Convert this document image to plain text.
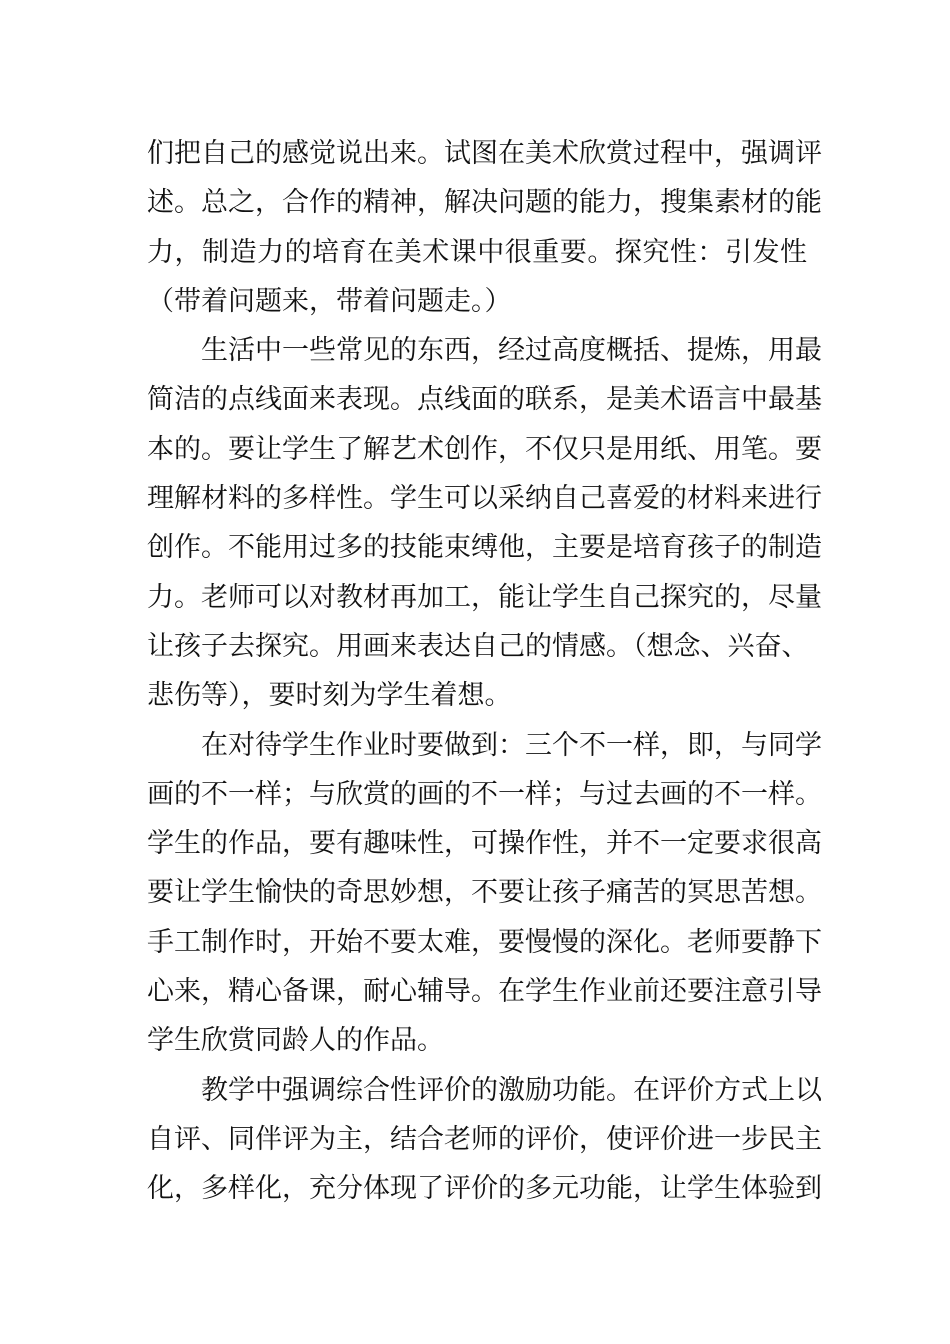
们把自己的感觉说出来。试图在美术欣赏过程中，强调评
述。总之，合作的精神，解决问题的能力，搜集素材的能
力，制造力的培育在美术课中很重要。探究性：引发性
（带着问题来，带着问题走。）
生活中一些常见的东西，经过高度概括、提炼，用最
简洁的点线面来表现。点线面的联系，是美术语言中最基
本的。要让学生了解艺术创作，不仅只是用纸、用笔。要
理解材料的多样性。学生可以采纳自己喜爱的材料来进行
创作。不能用过多的技能束缚他，主要是培育孩子的制造
力。老师可以对教材再加工，能让学生自己探究的，尽量
让孩子去探究。用画来表达自己的情感。（想念、兴奋、
悲伤等），要时刻为学生着想。
在对待学生作业时要做到：三个不一样，即，与同学
画的不一样；与欣赏的画的不一样；与过去画的不一样。
学生的作品，要有趣味性，可操作性，并不一定要求很高
要让学生愉快的奇思妙想，不要让孩子痛苦的冥思苦想。
手工制作时，开始不要太难，要慢慢的深化。老师要静下
心来，精心备课，耐心辅导。在学生作业前还要注意引导
学生欣赏同龄人的作品。
教学中强调综合性评价的激励功能。在评价方式上以
自评、同伴评为主，结合老师的评价，使评价进一步民主
化，多样化，充分体现了评价的多元功能，让学生体验到
